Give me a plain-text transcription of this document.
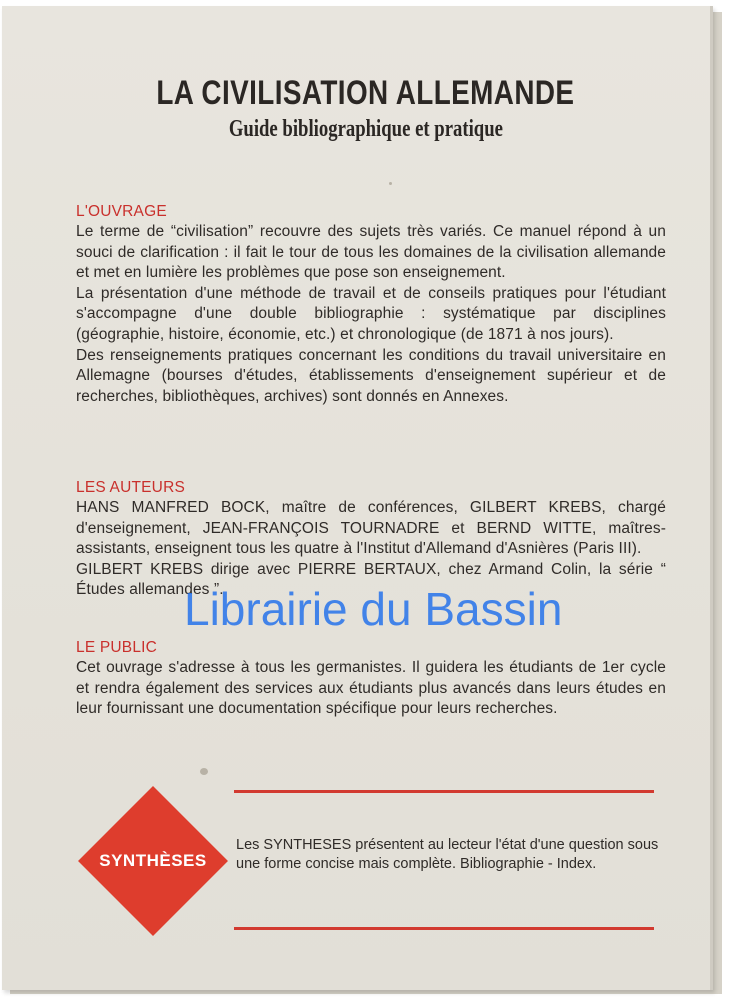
LA CIVILISATION ALLEMANDE
Guide bibliographique et pratique

L'OUVRAGE

Le terme de “civilisation” recouvre des sujets très variés. Ce manuel répond à un souci de clarification : il fait le tour de tous les domaines de la civilisation allemande et met en lumière les problèmes que pose son enseignement.

La présentation d'une méthode de travail et de conseils pratiques pour l'étudiant s'accompagne d'une double bibliographie : systématique par disciplines (géographie, histoire, économie, etc.) et chronologique (de 1871 à nos jours).

Des renseignements pratiques concernant les conditions du travail universitaire en Allemagne (bourses d'études, établissements d'enseignement supérieur et de recherches, bibliothèques, archives) sont donnés en Annexes.

LES AUTEURS

HANS MANFRED BOCK, maître de conférences, GILBERT KREBS, chargé d'enseignement, JEAN-FRANÇOIS TOURNADRE et BERND WITTE, maîtres-assistants, enseignent tous les quatre à l'Institut d'Allemand d'Asnières (Paris III).

GILBERT KREBS dirige avec PIERRE BERTAUX, chez Armand Colin, la série “ Études allemandes ”.

LE PUBLIC

Cet ouvrage s'adresse à tous les germanistes. Il guidera les étudiants de 1er cycle et rendra également des services aux étudiants plus avancés dans leurs études en leur fournissant une documentation spécifique pour leurs recherches.

Librairie du Bassin
SYNTHÈSES

Les SYNTHESES présentent au lecteur l'état d'une question sous une forme concise mais complète. Bibliographie - Index.
